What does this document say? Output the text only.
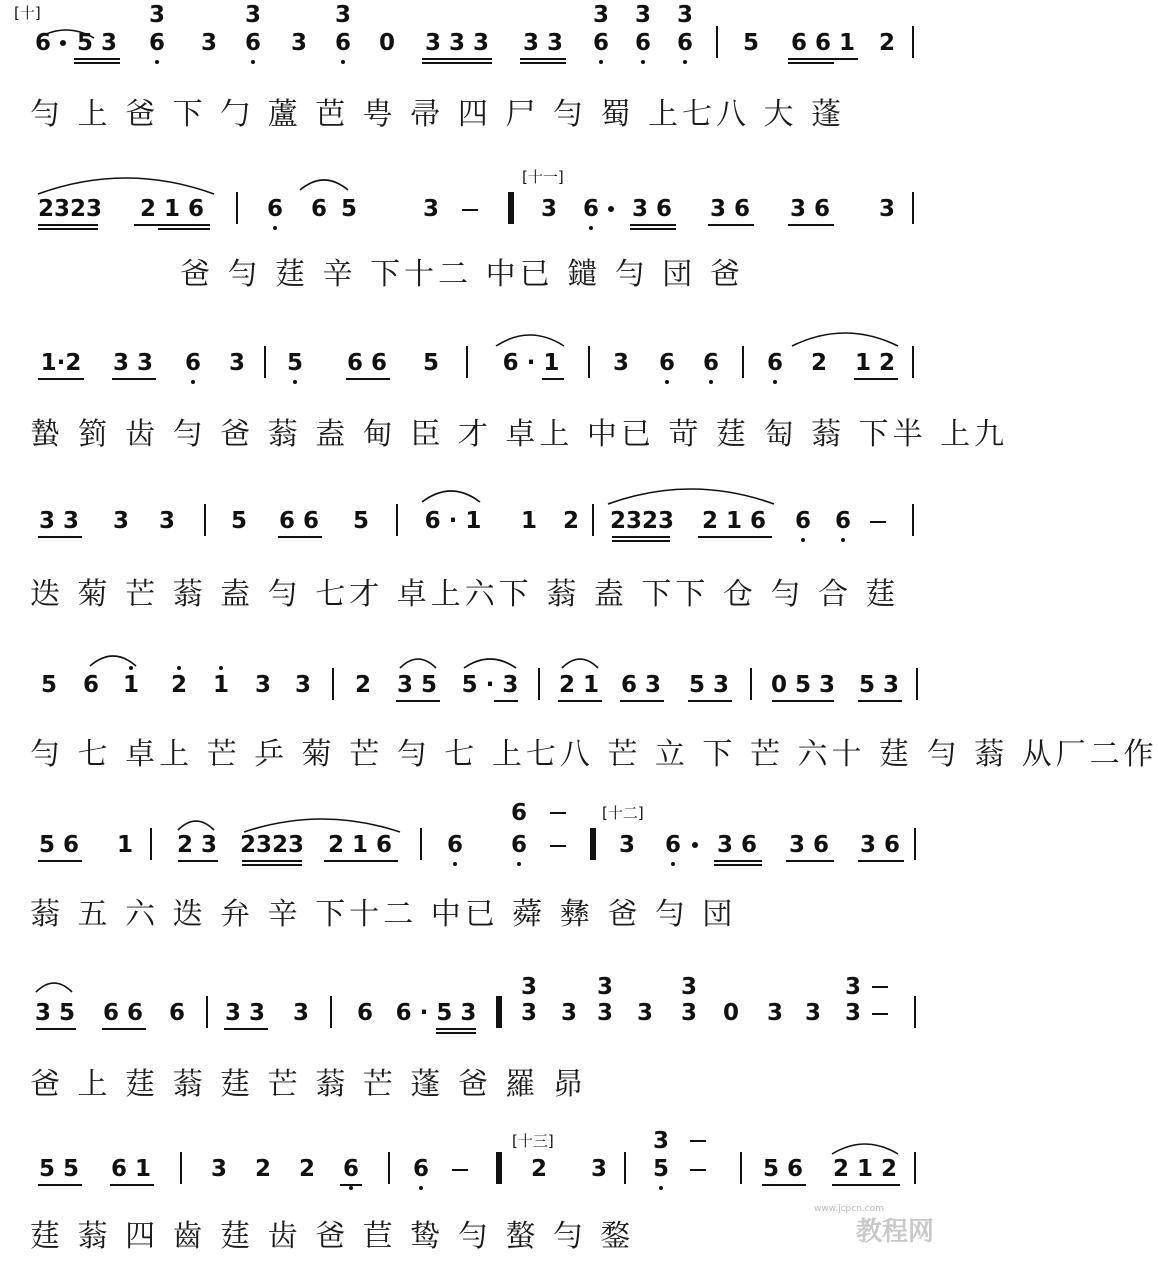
[十]
6 5 3 6
3
3 6
3
3 6
3
0 3 3 3 3 3 6
3
6
3
6
3
5 6 6 1 2
勻 上 爸 下 勹 蘆 芭 甹 帚 四 尸 勻 蜀 上七八 大 蓬
[十一]
2323	2 1 6	6 6 5	3	3 6 3 6 3 6 3 6 3
爸 勻 莛 辛 下十二 中已 鑓 勻 団 爸
1·2 3 3 6 3 5 6 6 5	6 · 1 3 6 6 6 2 1 2
蟄 箌 齿 勻 爸 蓊 盍 甸 臣 才 卓上 中已 苛 莛 匋 蓊 下半 上九
3 3 3 3 5 6 6 5 6 · 1 1 2 2323 2 1 6 6 6
迭 菊 芒 蓊 盍 勻 七才 卓上六下 蓊 盍 下下 仓 勻 合 莛
5 6 1 2 1 3 3 2 3 5 5 · 3 2 1 6 3 5 3 0 5 3 5 3
勻 七 卓上 芒 乒 菊 芒 勻 七 上七八 芒 立 下 芒 六十 莛 勻 蓊 从厂二作
[十二]
6
5 6 1 2 3 2323 2 1 6 6 6	3 6 3 6 3 6 3 6
蓊 五 六 迭 弁 辛 下十二 中已 蕣 彝 爸 勻 団
3	3	3	3
3 5 6 6 6 3 3 3 6 6 · 5 3 3 3 3 3 3 0 3 3 3
爸 上 莛 蓊 莛 芒 蓊 芒 蓬 爸 羅 昴
[十三]	3
5 5 6 1	3 2 2 6 6	2 3 5	5 6 2 1 2
莛 蓊 四 齒 莛 齿 爸 苣 鸷 勻 螯 勻 鍪
www.jcpcn.com
教程网
